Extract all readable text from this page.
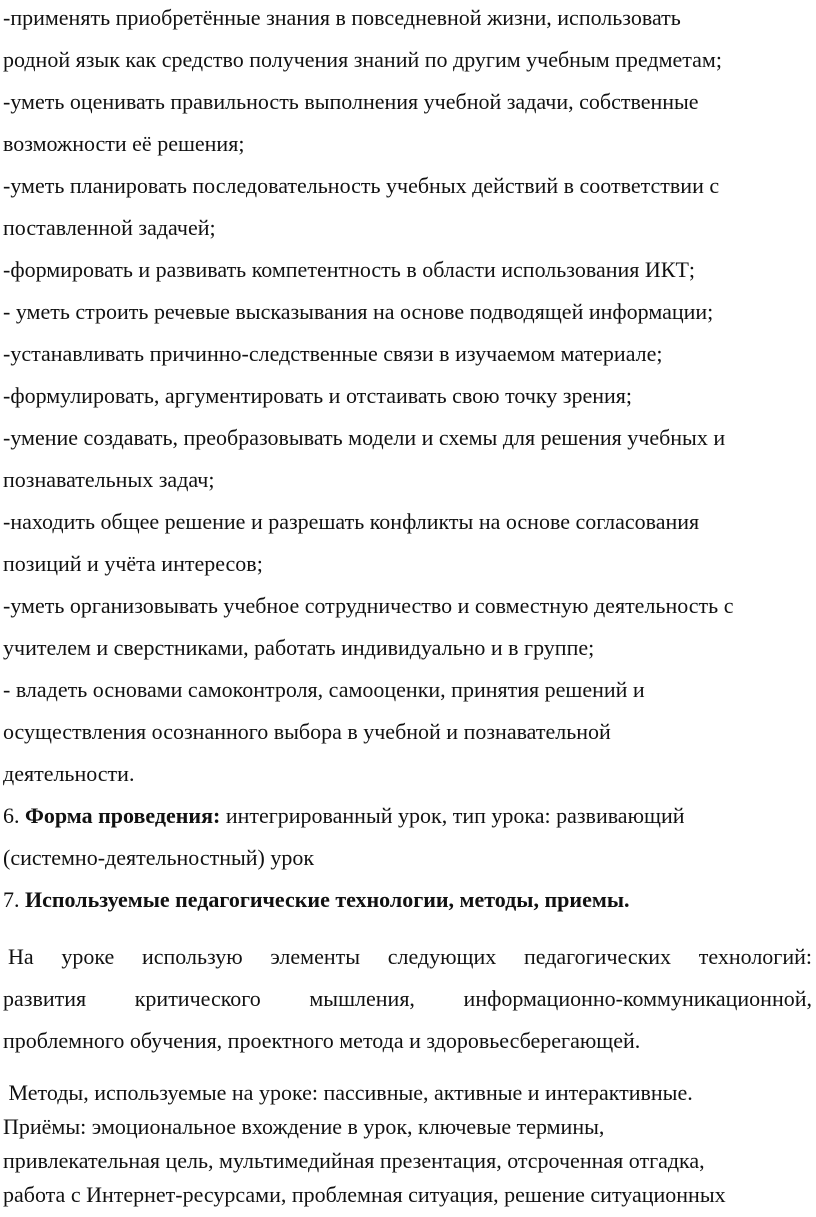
-применять приобретённые знания в повседневной жизни, использовать
родной язык как средство получения знаний по другим учебным предметам;
-уметь оценивать правильность выполнения учебной задачи, собственные
возможности её решения;
-уметь планировать последовательность учебных действий в соответствии с
поставленной задачей;
-формировать и развивать компетентность в области использования ИКТ;
- уметь строить речевые высказывания на основе подводящей информации;
-устанавливать причинно-следственные связи в изучаемом материале;
-формулировать, аргументировать и отстаивать свою точку зрения;
-умение создавать, преобразовывать модели и схемы для решения учебных и
познавательных задач;
-находить общее решение и разрешать конфликты на основе согласования
позиций и учёта интересов;
-уметь организовывать учебное сотрудничество и совместную деятельность с
учителем и сверстниками, работать индивидуально и в группе;
- владеть основами самоконтроля, самооценки, принятия решений и
осуществления осознанного выбора в учебной и познавательной
деятельности.
6. Форма проведения: интегрированный урок, тип урока: развивающий
(системно-деятельностный) урок
7. Используемые педагогические технологии, методы, приемы.
На уроке использую элементы следующих педагогических технологий:
развития критического мышления, информационно-коммуникационной,
проблемного обучения, проектного метода и здоровьесберегающей.
Методы, используемые на уроке: пассивные, активные и интерактивные.
Приёмы: эмоциональное вхождение в урок, ключевые термины,
привлекательная цель, мультимедийная презентация, отсроченная отгадка,
работа с Интернет-ресурсами, проблемная ситуация, решение ситуационных
